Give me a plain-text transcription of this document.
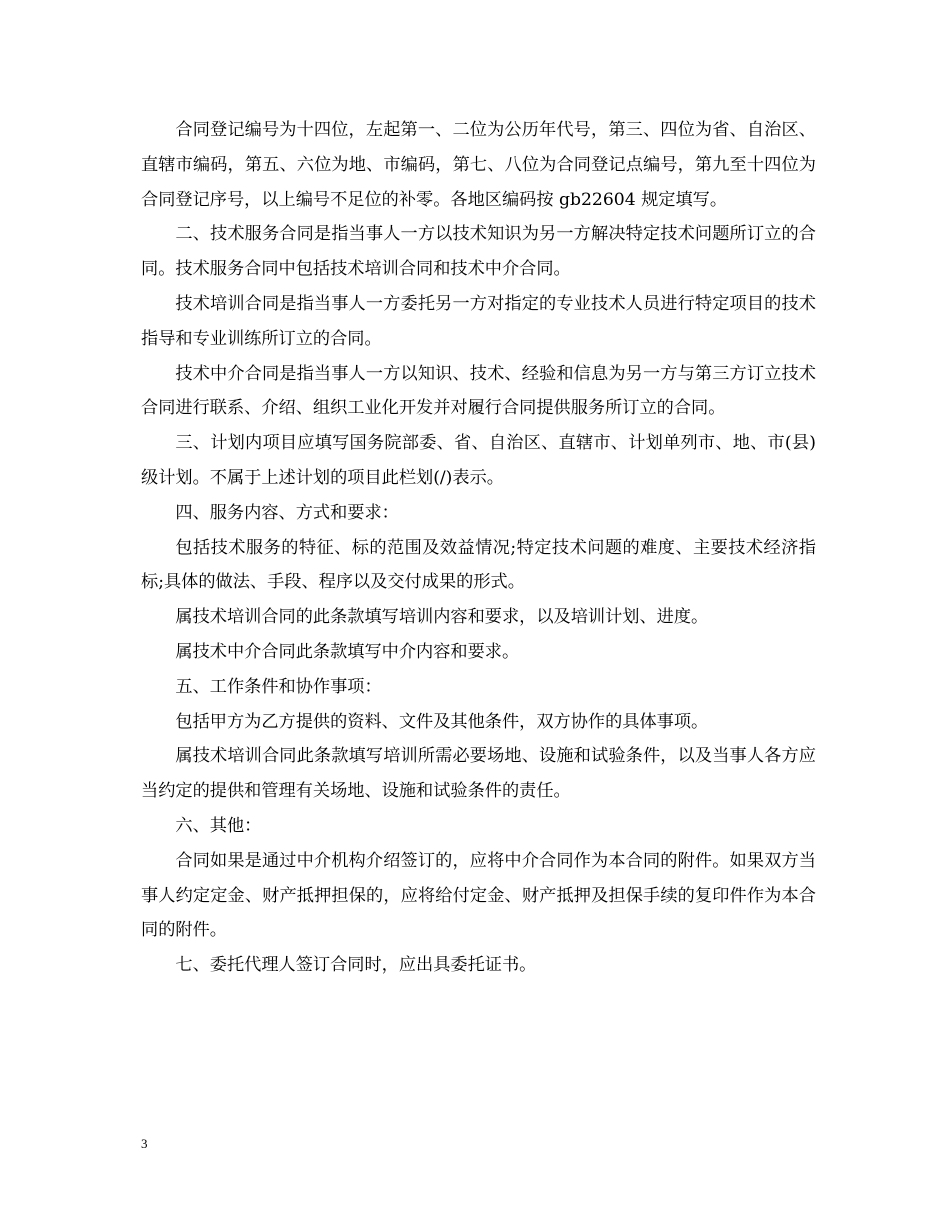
合同登记编号为十四位，左起第一、二位为公历年代号，第三、四位为省、自治区、直辖市编码，第五、六位为地、市编码，第七、八位为合同登记点编号，第九至十四位为合同登记序号，以上编号不足位的补零。各地区编码按 gb22604 规定填写。

二、技术服务合同是指当事人一方以技术知识为另一方解决特定技术问题所订立的合同。技术服务合同中包括技术培训合同和技术中介合同。

技术培训合同是指当事人一方委托另一方对指定的专业技术人员进行特定项目的技术指导和专业训练所订立的合同。

技术中介合同是指当事人一方以知识、技术、经验和信息为另一方与第三方订立技术合同进行联系、介绍、组织工业化开发并对履行合同提供服务所订立的合同。

三、计划内项目应填写国务院部委、省、自治区、直辖市、计划单列市、地、市(县)级计划。不属于上述计划的项目此栏划(/)表示。

四、服务内容、方式和要求：

包括技术服务的特征、标的范围及效益情况;特定技术问题的难度、主要技术经济指标;具体的做法、手段、程序以及交付成果的形式。

属技术培训合同的此条款填写培训内容和要求，以及培训计划、进度。

属技术中介合同此条款填写中介内容和要求。

五、工作条件和协作事项：

包括甲方为乙方提供的资料、文件及其他条件，双方协作的具体事项。

属技术培训合同此条款填写培训所需必要场地、设施和试验条件，以及当事人各方应当约定的提供和管理有关场地、设施和试验条件的责任。

六、其他：

合同如果是通过中介机构介绍签订的，应将中介合同作为本合同的附件。如果双方当事人约定定金、财产抵押担保的，应将给付定金、财产抵押及担保手续的复印件作为本合同的附件。

七、委托代理人签订合同时，应出具委托证书。

3
